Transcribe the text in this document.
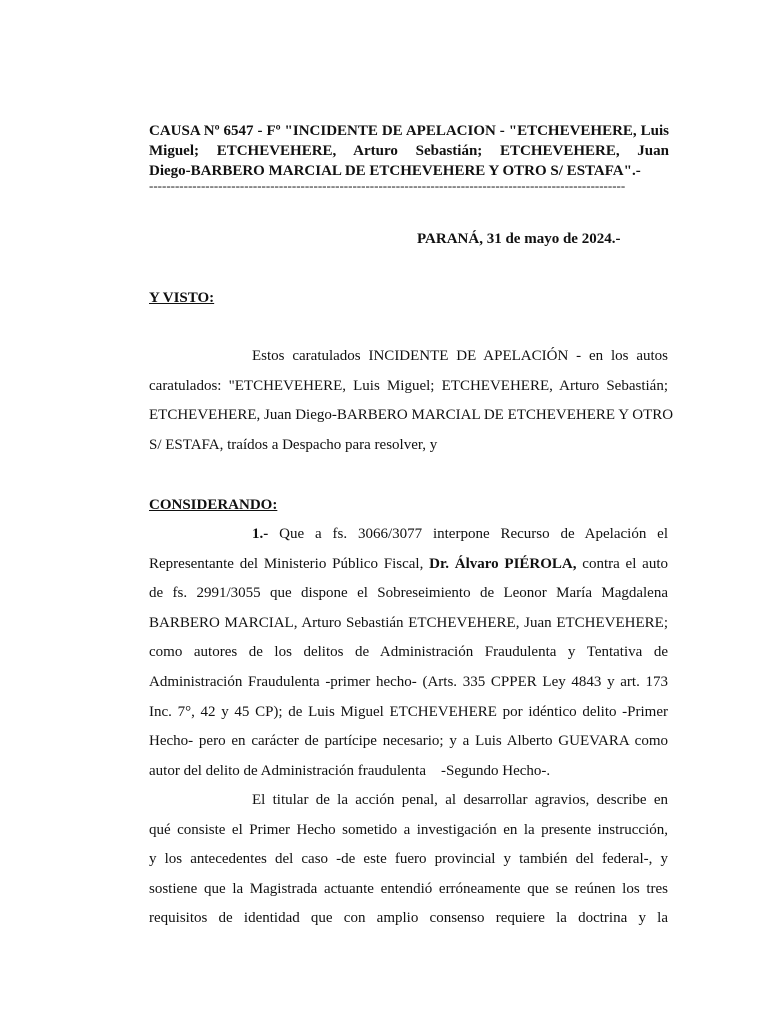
CAUSA Nº 6547 - Fº "INCIDENTE DE APELACION - "ETCHEVEHERE, Luis
Miguel; ETCHEVEHERE, Arturo Sebastián; ETCHEVEHERE, Juan
Diego-BARBERO MARCIAL DE ETCHEVEHERE Y OTRO S/ ESTAFA".-
--------------------------------------------------------------------------------------------------------------
PARANÁ, 31 de mayo de 2024.-
Y VISTO:
Estos caratulados INCIDENTE DE APELACIÓN - en los autos
caratulados: "ETCHEVEHERE, Luis Miguel; ETCHEVEHERE, Arturo Sebastián;
ETCHEVEHERE, Juan Diego-BARBERO MARCIAL DE ETCHEVEHERE Y OTRO
S/ ESTAFA, traídos a Despacho para resolver, y
CONSIDERANDO:
1.- Que a fs. 3066/3077 interpone Recurso de Apelación el
Representante del Ministerio Público Fiscal, Dr. Álvaro PIÉROLA, contra el auto
de fs. 2991/3055 que dispone el Sobreseimiento de Leonor María Magdalena
BARBERO MARCIAL, Arturo Sebastián ETCHEVEHERE, Juan ETCHEVEHERE;
como autores de los delitos de Administración Fraudulenta y Tentativa de
Administración Fraudulenta -primer hecho- (Arts. 335 CPPER Ley 4843 y art. 173
Inc. 7°, 42 y 45 CP); de Luis Miguel ETCHEVEHERE por idéntico delito -Primer
Hecho- pero en carácter de partícipe necesario; y a Luis Alberto GUEVARA como
autor del delito de Administración fraudulenta    -Segundo Hecho-.
El titular de la acción penal, al desarrollar agravios, describe en
qué consiste el Primer Hecho sometido a investigación en la presente instrucción,
y los antecedentes del caso -de este fuero provincial y también del federal-, y
sostiene que la Magistrada actuante entendió erróneamente que se reúnen los tres
requisitos de identidad que con amplio consenso requiere la doctrina y la
